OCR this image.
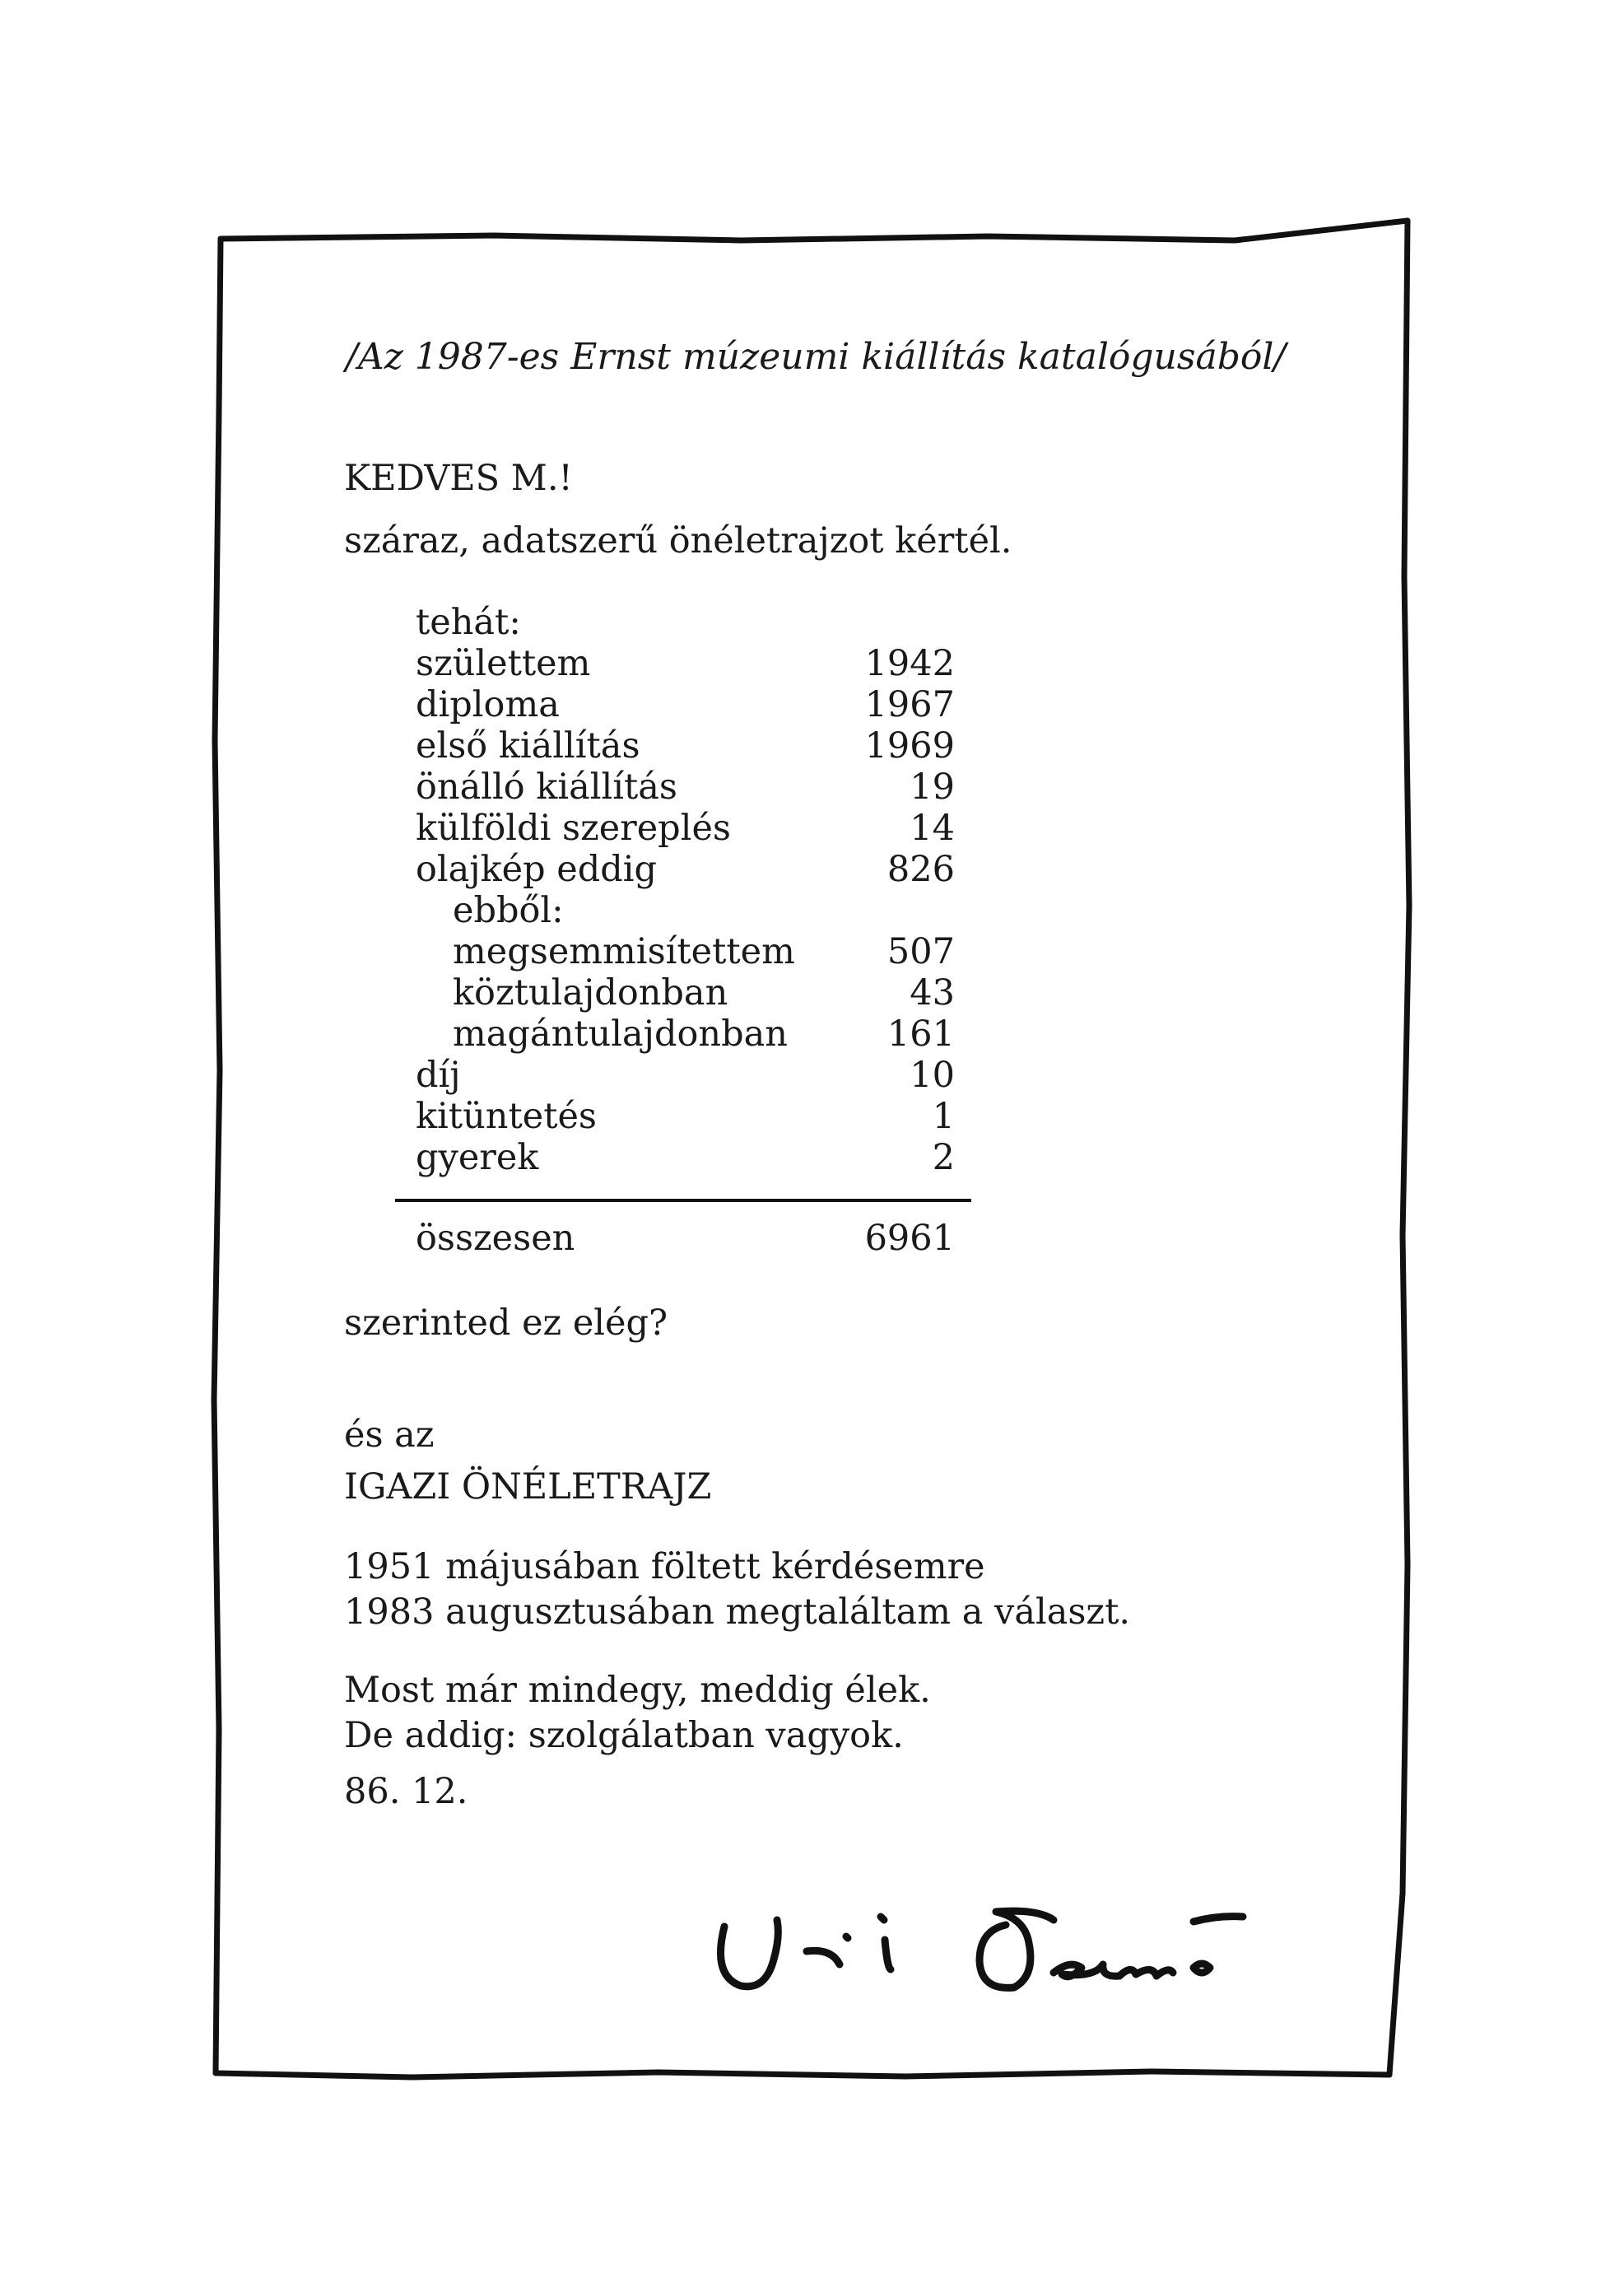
/Az 1987-es Ernst múzeumi kiállítás katalógusából/
KEDVES M.!
száraz, adatszerű önéletrajzot kértél.
tehát:
születtem	1942
diploma	1967
első kiállítás	1969
önálló kiállítás	19
külföldi szereplés	14
olajkép eddig	826
ebből:
megsemmisítettem	507
köztulajdonban	43
magántulajdonban	161
díj	10
kitüntetés	1
gyerek	2
összesen	6961
szerinted ez elég?
és az
IGAZI ÖNÉLETRAJZ
1951 májusában föltett kérdésemre
1983 augusztusában megtaláltam a választ.
Most már mindegy, meddig élek.
De addig: szolgálatban vagyok.
86. 12.
